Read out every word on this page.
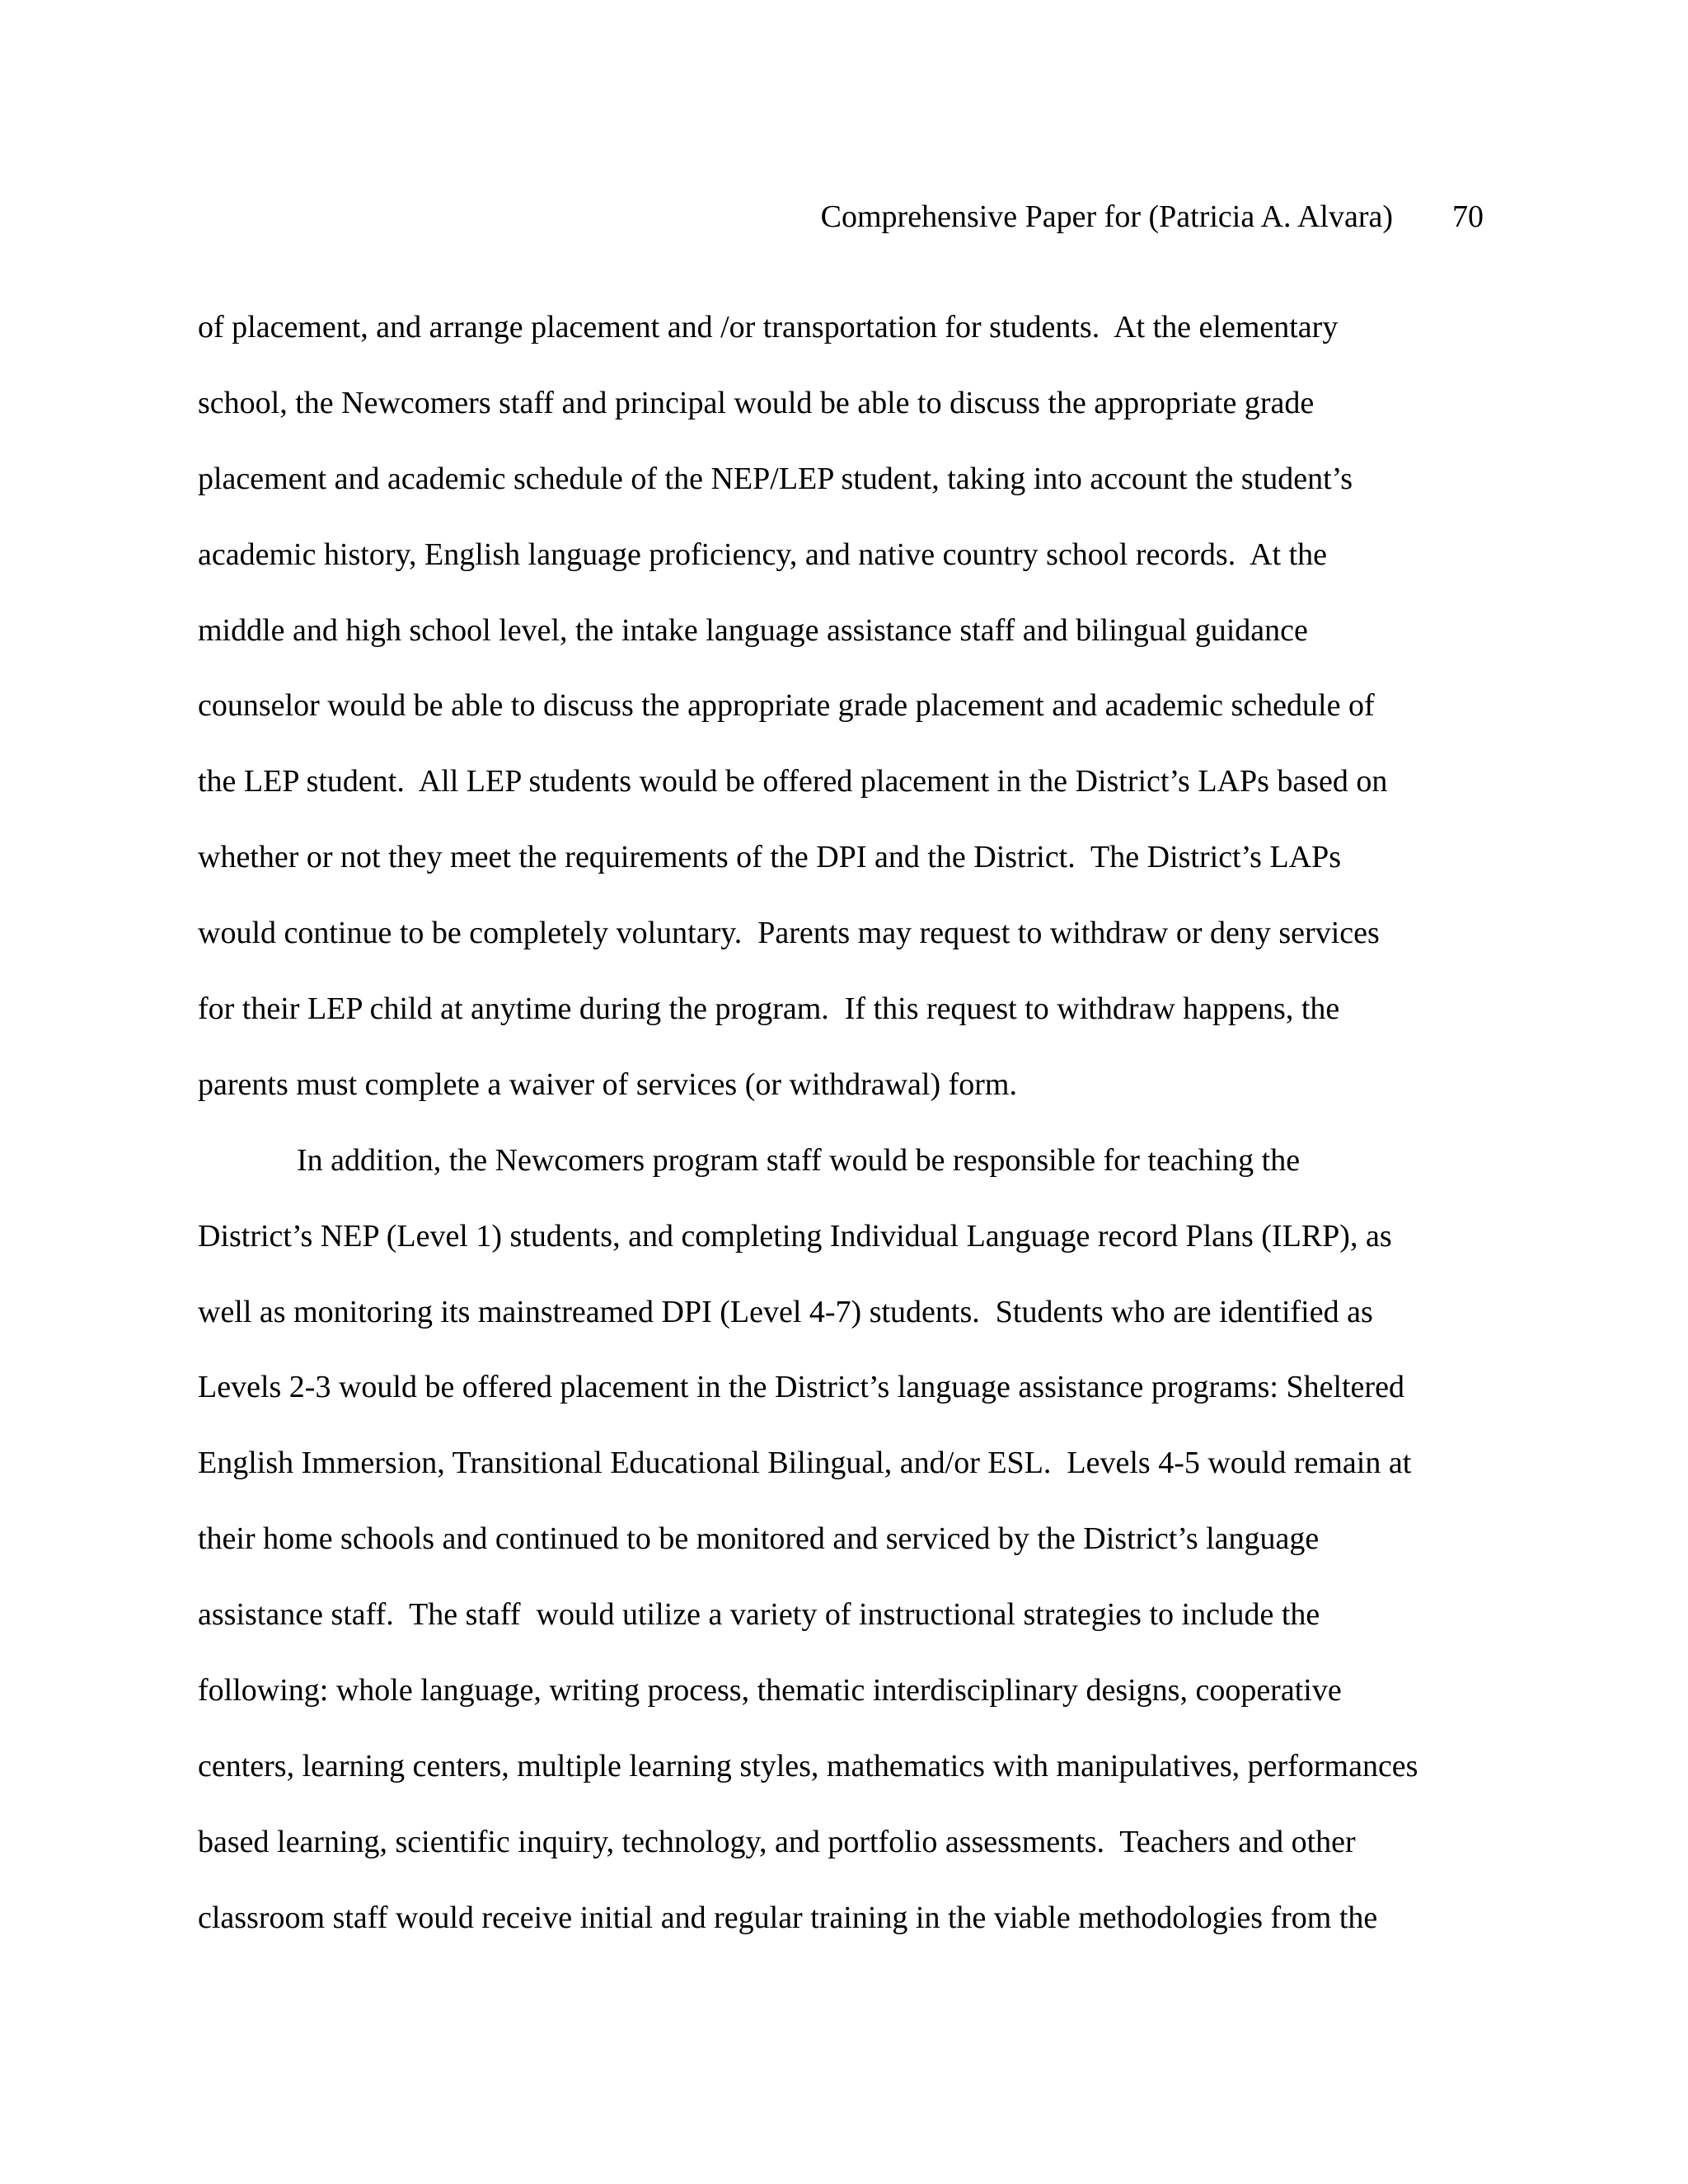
Comprehensive Paper for (Patricia A. Alvara) 70
of placement, and arrange placement and /or transportation for students.  At the elementary
school, the Newcomers staff and principal would be able to discuss the appropriate grade
placement and academic schedule of the NEP/LEP student, taking into account the student’s
academic history, English language proficiency, and native country school records.  At the
middle and high school level, the intake language assistance staff and bilingual guidance
counselor would be able to discuss the appropriate grade placement and academic schedule of
the LEP student.  All LEP students would be offered placement in the District’s LAPs based on
whether or not they meet the requirements of the DPI and the District.  The District’s LAPs
would continue to be completely voluntary.  Parents may request to withdraw or deny services
for their LEP child at anytime during the program.  If this request to withdraw happens, the
parents must complete a waiver of services (or withdrawal) form.
In addition, the Newcomers program staff would be responsible for teaching the
District’s NEP (Level 1) students, and completing Individual Language record Plans (ILRP), as
well as monitoring its mainstreamed DPI (Level 4-7) students.  Students who are identified as
Levels 2-3 would be offered placement in the District’s language assistance programs: Sheltered
English Immersion, Transitional Educational Bilingual, and/or ESL.  Levels 4-5 would remain at
their home schools and continued to be monitored and serviced by the District’s language
assistance staff.  The staff  would utilize a variety of instructional strategies to include the
following: whole language, writing process, thematic interdisciplinary designs, cooperative
centers, learning centers, multiple learning styles, mathematics with manipulatives, performances
based learning, scientific inquiry, technology, and portfolio assessments.  Teachers and other
classroom staff would receive initial and regular training in the viable methodologies from the
